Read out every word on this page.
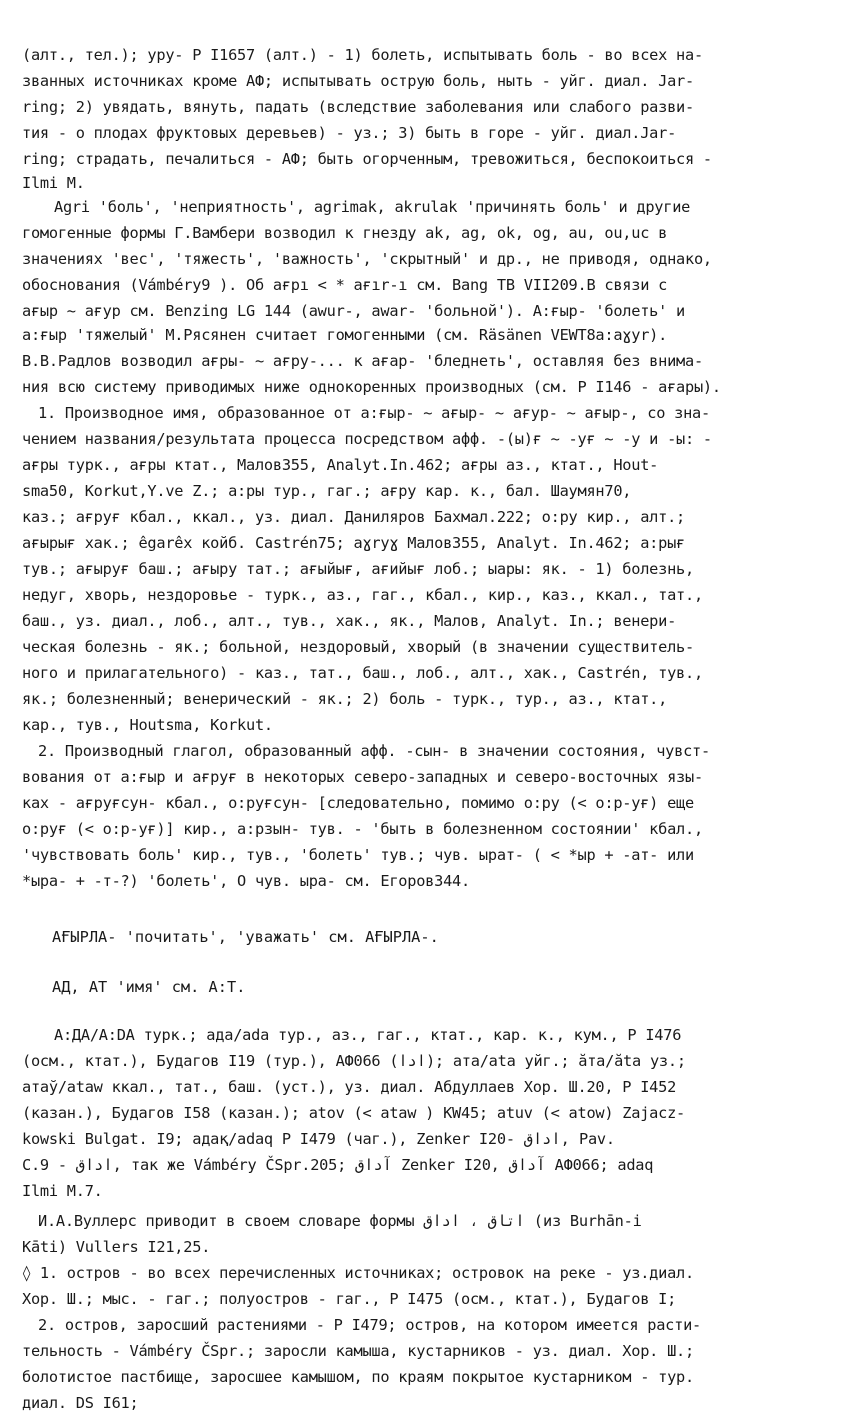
(алт., тел.); уру- Р I1657 (алт.) - 1) болеть, испытывать боль - во всех на-
званных источниках кроме АФ; испытывать острую боль, ныть - уйг. диал. Jar-
ring; 2) увядать, вянуть, падать (вследствие заболевания или слабого разви-
тия - о плодах фруктовых деревьев) - уз.; 3) быть в горе - уйг. диал.Jar-
ring; страдать, печалиться - АФ; быть огорченным, тревожиться, беспокоиться -
Ilmi M.
Agri 'боль', 'неприятность', agrimak, akrulak 'причинять боль' и другие
гомогенные формы Г.Вамбери возводил к гнезду ak, ag, ok, og, au, ou,uc в
значениях 'вес', 'тяжесть', 'важность', 'скрытный' и др., не приводя, однако,
обоснования (Vámbéry9 ). Об ағрı < * ағır-ı см. Bang TB VII209.В связи с
aғыр ~ aғур см. Benzing LG 144 (awur-, awar- 'больной'). A:ғыр- 'болеть' и
a:ғыр 'тяжелый' М.Рясянен считает гомогенными (см. Räsänen VEWT8a:aɣyr).
В.В.Радлов возводил aғры- ~ aғру-... к aғар- 'бледнеть', оставляя без внима-
ния всю систему приводимых ниже однокоренных производных (см. Р I146 - aғары).
1. Производное имя, образованное от a:ғыр- ~ aғыр- ~ aғур- ~ aғыр-, со зна-
чением названия/результата процесса посредством афф. -(ы)ғ ~ -уғ ~ -у и -ы: -
aғры турк., aғры ктат., Малов355, Analyt.In.462; aғры аз., ктат., Hout-
sma50, Korkut,Y.ve Z.; a:ры тур., гаг.; aғру кар. к., бал. Шаумян70,
каз.; aғруғ кбал., ккал., уз. диал. Даниляров Бахмал.222; o:ру кир., алт.;
aғырығ хак.; êgarêx койб. Castrén75; aɣryɣ Малов355, Analyt. In.462; a:рығ
тув.; aғыруғ баш.; aғыру тат.; aғыйығ, aғийығ лоб.; ыары: як. - 1) болезнь,
недуг, хворь, нездоровье - турк., аз., гаг., кбал., кир., каз., ккал., тат.,
баш., уз. диал., лоб., алт., тув., хак., як., Малов, Analyt. In.; венери-
ческая болезнь - як.; больной, нездоровый, хворый (в значении существитель-
ного и прилагательного) - каз., тат., баш., лоб., алт., хак., Castrén, тув.,
як.; болезненный; венерический - як.; 2) боль - турк., тур., аз., ктат.,
кар., тув., Houtsma, Korkut.
2. Производный глагол, образованный афф. -сын- в значении состояния, чувст-
вования от a:ғыр и aғруғ в некоторых северо-западных и северо-восточных язы-
ках - aғруғсун- кбал., о:руғсун- [следовательно, помимо о:ру (< о:р-уғ) еще
о:руғ (< о:р-уғ)] кир., a:рзын- тув. - 'быть в болезненном состоянии' кбал.,
'чувствовать боль' кир., тув., 'болеть' тув.; чув. ырат- ( < *ыр + -ат- или
*ыра- + -т-?) 'болеть', О чув. ыра- см. Егоров344.
AҒЫРЛА- 'почитать', 'уважать' см. AҒЫРЛА-.
AД, AТ 'имя' см. A:Т.
A:ДА/A:DA турк.; ада/ada тур., аз., гаг., ктат., кар. к., кум., Р I476
(осм., ктат.), Будагов I19 (тур.), АФ066 (ادا); ата/ata уйг.; ăта/ăta уз.;
атаў/ataw ккал., тат., баш. (уст.), уз. диал. Абдуллаев Хор. Ш.20, Р I452
(казан.), Будагов I58 (казан.); atov (< ataw ) KW45; atuv (< atow) Zajacz-
kowski Bulgat. I9; адақ/adaq Р I479 (чаг.), Zenker I20- اداق, Pav.
C.9 - اداق, так же Vámbéry ČSpr.205; آداق Zenker I20, آداق АФ066; adaq
Ilmi M.7.
И.А.Вуллерс приводит в своем словаре формы اتاق ، اداق (из Burhān-i
Kāti) Vullers I21,25.
◊ 1. остров - во всех перечисленных источниках; островок на реке - уз.диал.
Хор. Ш.; мыс. - гаг.; полуостров - гаг., Р I475 (осм., ктат.), Будагов I;
2. остров, заросший растениями - Р I479; остров, на котором имеется расти-
тельность - Vámbéry ČSpr.; заросли камыша, кустарников - уз. диал. Хор. Ш.;
болотистое пастбище, заросшее камышом, по краям покрытое кустарником - тур.
диал. DS I61;
